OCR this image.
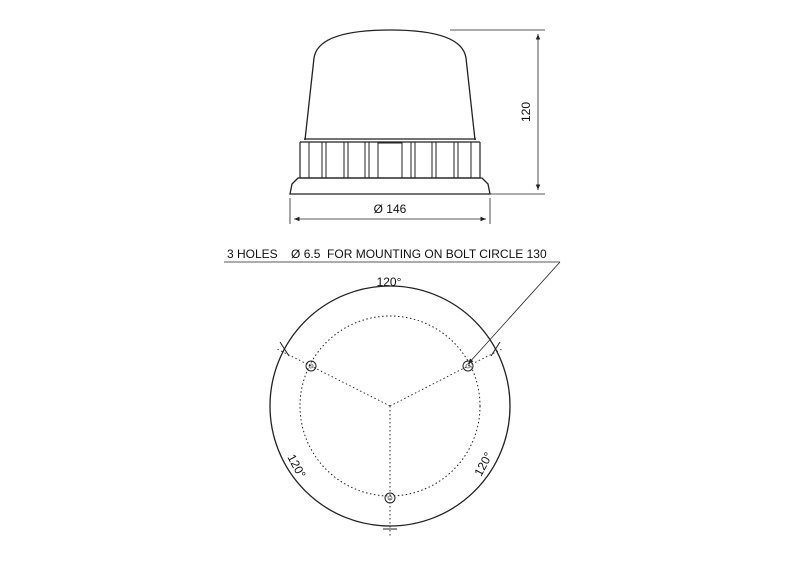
120
Ø 146
3 HOLES    Ø 6.5  FOR MOUNTING ON BOLT CIRCLE 130
120°
120°	120°
